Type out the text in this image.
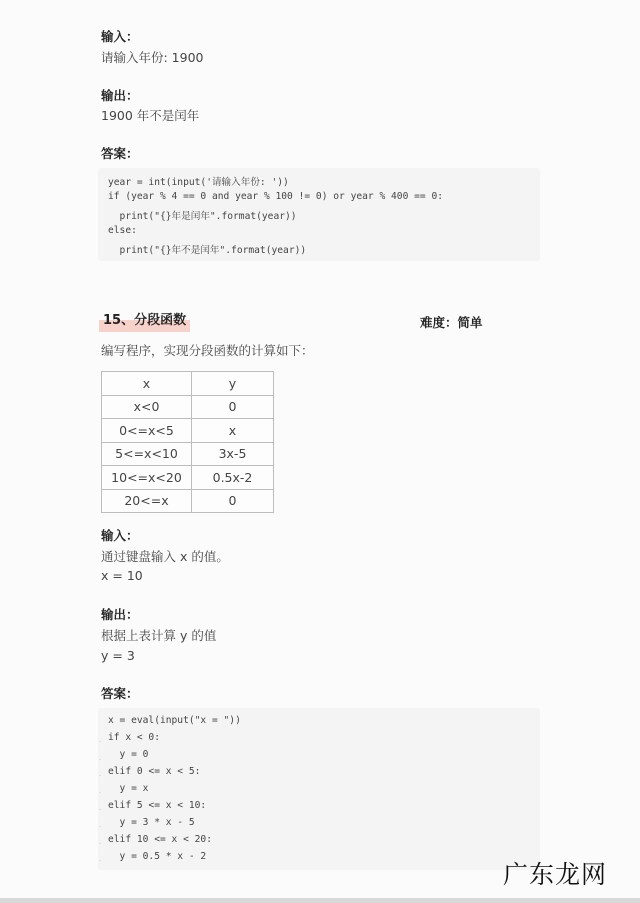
输入：
请输入年份: 1900
输出：
1900 年不是闰年
答案：
year = int(input('请输入年份: '))
if (year % 4 == 0 and year % 100 != 0) or year % 400 == 0:
print("{}年是闰年".format(year))
else:
print("{}年不是闰年".format(year))
15、分段函数	难度：简单
编写程序，实现分段函数的计算如下：
x	y
x<0	0
0<=x<5	x
5<=x<10	3x-5
10<=x<20	0.5x-2
20<=x	0
输入：
通过键盘输入 x 的值。
x = 10
输出：
根据上表计算 y 的值
y = 3
答案：
·
·
·
·
·
·
·
·
x = eval(input("x = "))
if x < 0:
y = 0
elif 0 <= x < 5:
y = x
elif 5 <= x < 10:
y = 3 * x - 5
elif 10 <= x < 20:
y = 0.5 * x - 2
广东龙网
